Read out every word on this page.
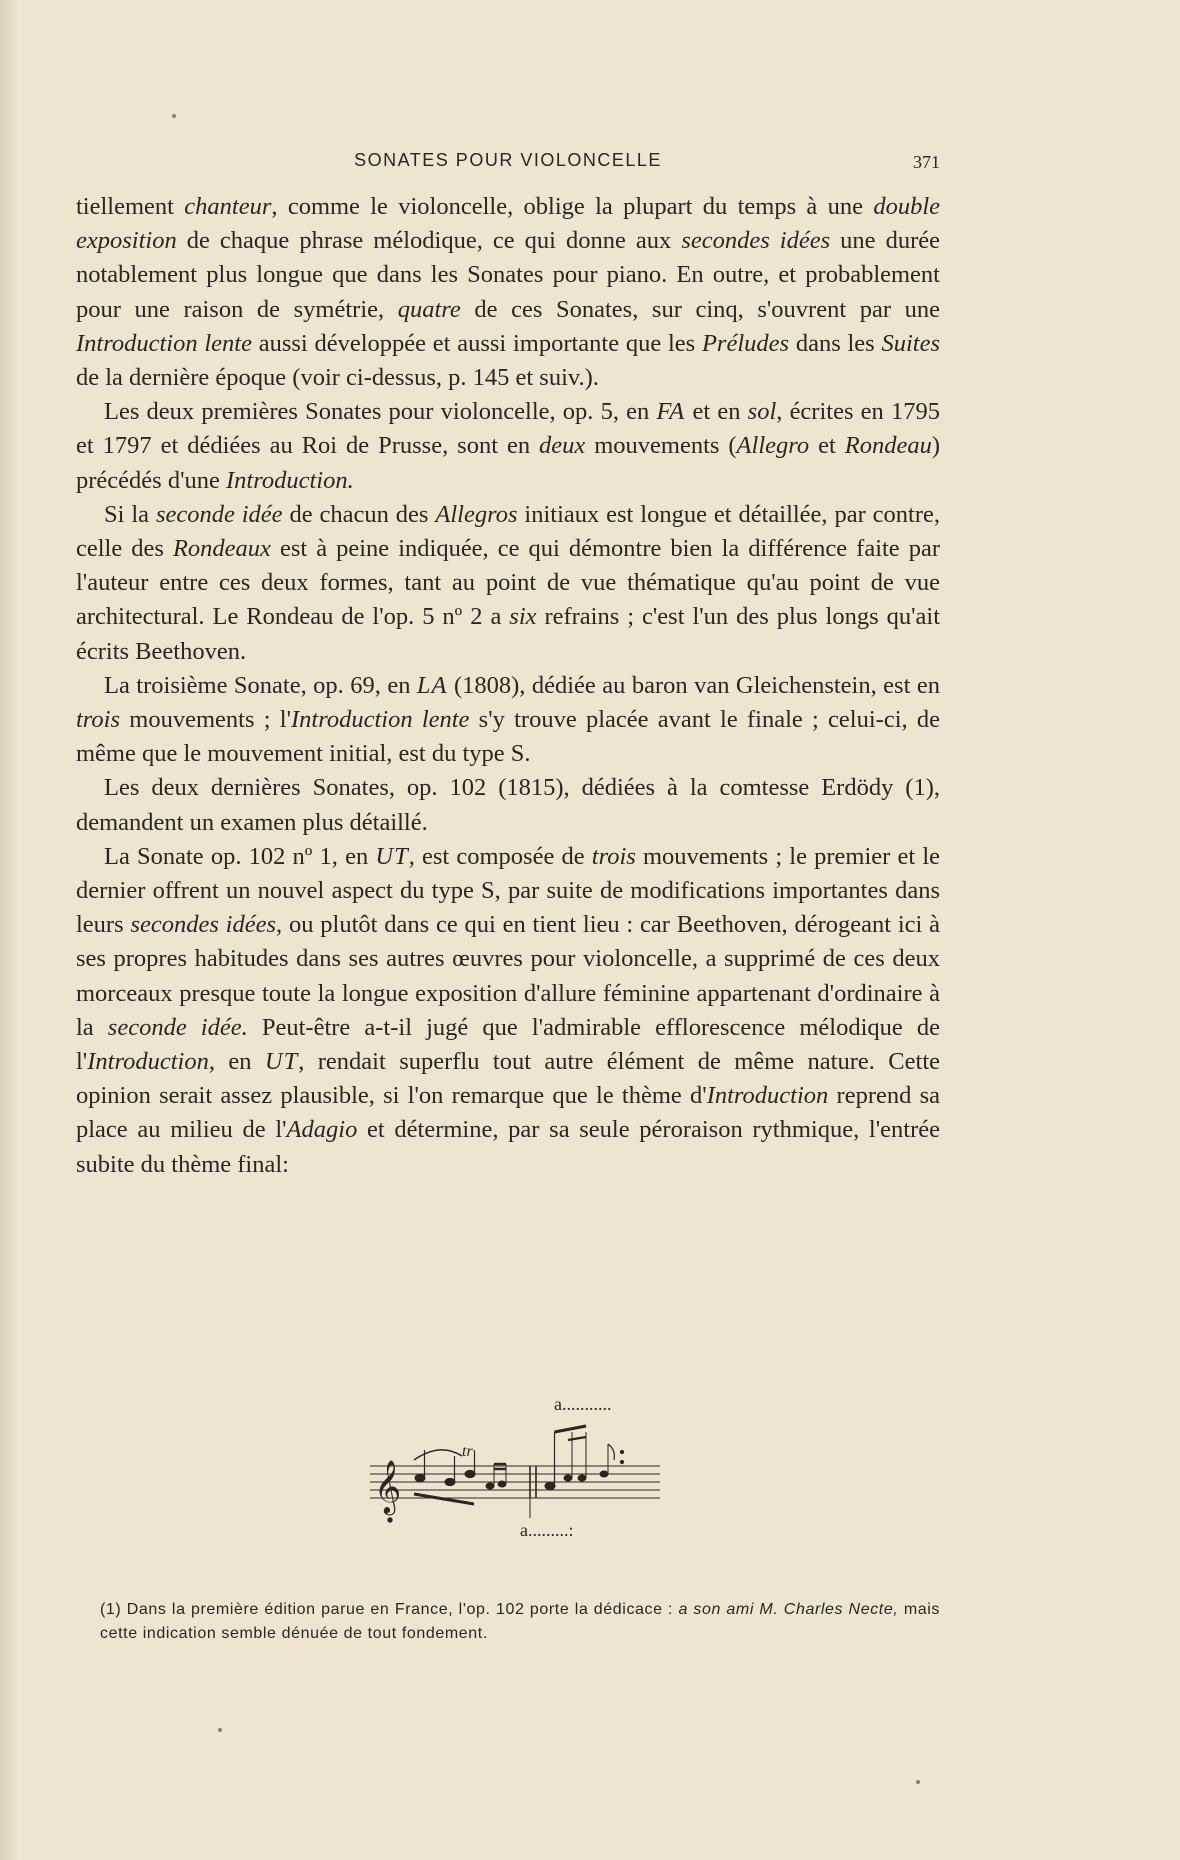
SONATES POUR VIOLONCELLE	371

tiellement chanteur, comme le violoncelle, oblige la plupart du temps à une double exposition de chaque phrase mélodique, ce qui donne aux secondes idées une durée notablement plus longue que dans les Sonates pour piano. En outre, et probablement pour une raison de symétrie, quatre de ces Sonates, sur cinq, s'ouvrent par une Introduction lente aussi développée et aussi importante que les Préludes dans les Suites de la dernière époque (voir ci-dessus, p. 145 et suiv.).

Les deux premières Sonates pour violoncelle, op. 5, en FA et en sol, écrites en 1795 et 1797 et dédiées au Roi de Prusse, sont en deux mouvements (Allegro et Rondeau) précédés d'une Introduction.

Si la seconde idée de chacun des Allegros initiaux est longue et détaillée, par contre, celle des Rondeaux est à peine indiquée, ce qui démontre bien la différence faite par l'auteur entre ces deux formes, tant au point de vue thématique qu'au point de vue architectural. Le Rondeau de l'op. 5 nº 2 a six refrains ; c'est l'un des plus longs qu'ait écrits Beethoven.

La troisième Sonate, op. 69, en LA (1808), dédiée au baron van Gleichenstein, est en trois mouvements ; l'Introduction lente s'y trouve placée avant le finale ; celui-ci, de même que le mouvement initial, est du type S.

Les deux dernières Sonates, op. 102 (1815), dédiées à la comtesse Erdödy (1), demandent un examen plus détaillé.

La Sonate op. 102 nº 1, en UT, est composée de trois mouvements ; le premier et le dernier offrent un nouvel aspect du type S, par suite de modifications importantes dans leurs secondes idées, ou plutôt dans ce qui en tient lieu : car Beethoven, dérogeant ici à ses propres habitudes dans ses autres œuvres pour violoncelle, a supprimé de ces deux morceaux presque toute la longue exposition d'allure féminine appartenant d'ordinaire à la seconde idée. Peut-être a-t-il jugé que l'admirable efflorescence mélodique de l'Introduction, en UT, rendait superflu tout autre élément de même nature. Cette opinion serait assez plausible, si l'on remarque que le thème d'Introduction reprend sa place au milieu de l'Adagio et détermine, par sa seule péroraison rythmique, l'entrée subite du thème final:

a...........
𝄞
tr
a.........:

(1) Dans la première édition parue en France, l'op. 102 porte la dédicace : a son ami M. Charles Necte, mais cette indication semble dénuée de tout fondement.
